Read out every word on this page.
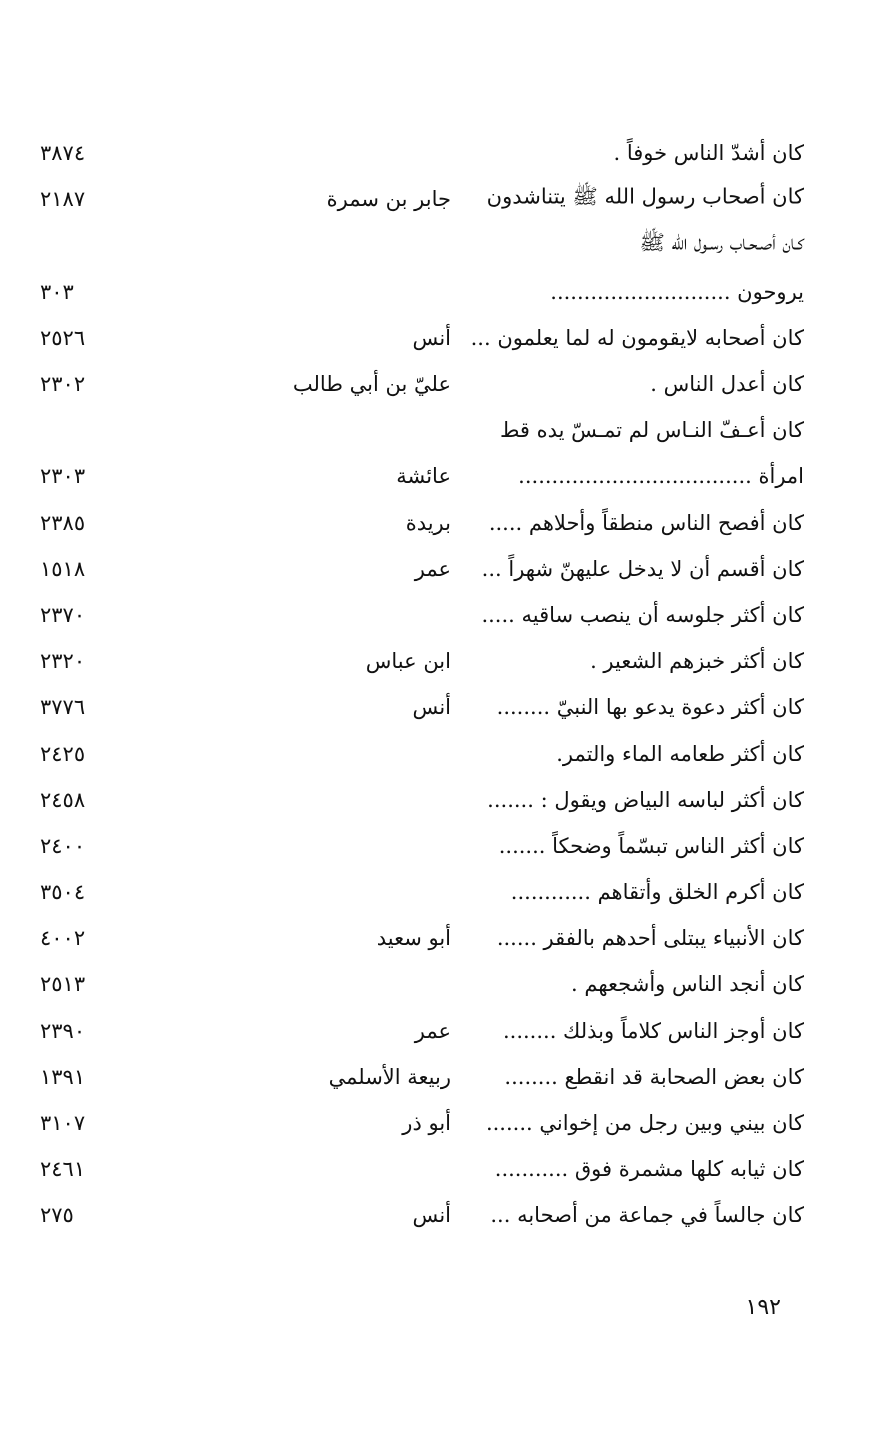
كان أشدّ الناس خوفاً .
٣٨٧٤
كان أصحاب رسول الله ﷺ يتناشدون
جابر بن سمرة
٢١٨٧
كـان أصـحـاب رسـول الله ﷺ
يروحون ...........................
٣٠٣
كان أصحابه لايقومون له لما يعلمون ...
أنس
٢٥٢٦
كان أعدل الناس .
عليّ بن أبي طالب
٢٣٠٢
كان أعـفّ النـاس لم تمـسّ يده قط
امرأة ...................................
عائشة
٢٣٠٣
كان أفصح الناس منطقاً وأحلاهم .....
بريدة
٢٣٨٥
كان أقسم أن لا يدخل عليهنّ شهراً ...
عمر
١٥١٨
كان أكثر جلوسه أن ينصب ساقيه .....
٢٣٧٠
كان أكثر خبزهم الشعير .
ابن عباس
٢٣٢٠
كان أكثر دعوة يدعو بها النبيّ ........
أنس
٣٧٧٦
كان أكثر طعامه الماء والتمر.
٢٤٢٥
كان أكثر لباسه البياض ويقول : .......
٢٤٥٨
كان أكثر الناس تبسّماً وضحكاً .......
٢٤٠٠
كان أكرم الخلق وأتقاهم ............
٣٥٠٤
كان الأنبياء يبتلى أحدهم بالفقر ......
أبو سعيد
٤٠٠٢
كان أنجد الناس وأشجعهم .
٢٥١٣
كان أوجز الناس كلاماً وبذلك ........
عمر
٢٣٩٠
كان بعض الصحابة قد انقطع ........
ربيعة الأسلمي
١٣٩١
كان بيني وبين رجل من إخواني .......
أبو ذر
٣١٠٧
كان ثيابه كلها مشمرة فوق ...........
٢٤٦١
كان جالساً في جماعة من أصحابه ...
أنس
٢٧٥
١٩٢
